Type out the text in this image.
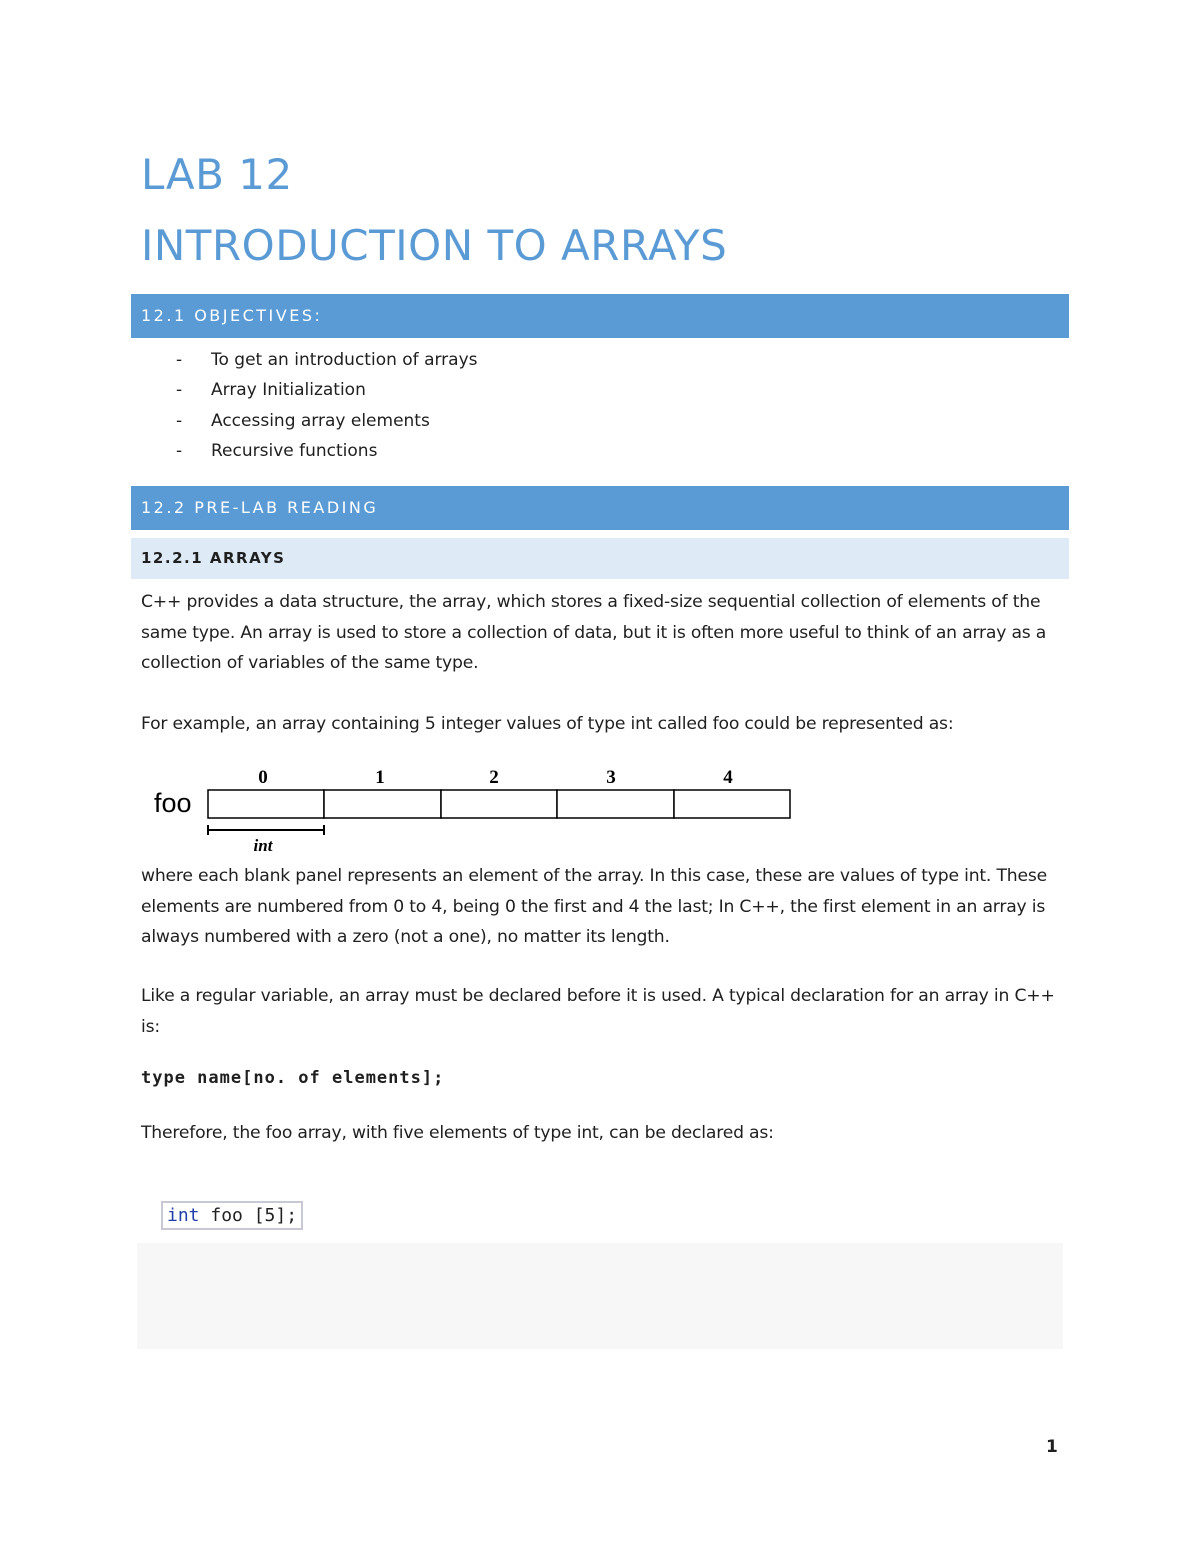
LAB 12
INTRODUCTION TO ARRAYS
12.1 OBJECTIVES:
- To get an introduction of arrays
- Array Initialization
- Accessing array elements
- Recursive functions
12.2 PRE-LAB READING
12.2.1 ARRAYS

C++ provides a data structure, the array, which stores a fixed-size sequential collection of elements of the same type. An array is used to store a collection of data, but it is often more useful to think of an array as a collection of variables of the same type.

For example, an array containing 5 integer values of type int called foo could be represented as:

foo
0	1	2	3	4
int

where each blank panel represents an element of the array. In this case, these are values of type int. These elements are numbered from 0 to 4, being 0 the first and 4 the last; In C++, the first element in an array is always numbered with a zero (not a one), no matter its length.

Like a regular variable, an array must be declared before it is used. A typical declaration for an array in C++ is:

type name[no. of elements];

Therefore, the foo array, with five elements of type int, can be declared as:

int foo [5];
1
